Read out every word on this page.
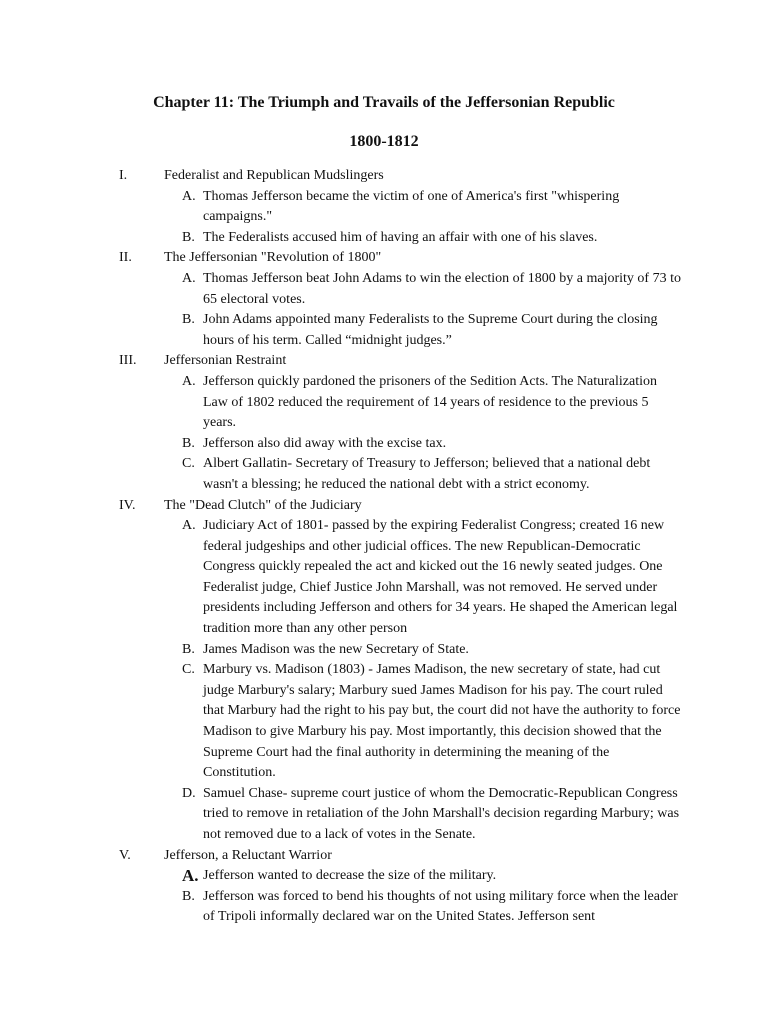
Chapter 11: The Triumph and Travails of the Jeffersonian Republic
1800-1812
I.	Federalist and Republican Mudslingers
A. Thomas Jefferson became the victim of one of America's first "whispering campaigns."
B. The Federalists accused him of having an affair with one of his slaves.
II. The Jeffersonian "Revolution of 1800"
A. Thomas Jefferson beat John Adams to win the election of 1800 by a majority of 73 to 65 electoral votes.
B. John Adams appointed many Federalists to the Supreme Court during the closing hours of his term. Called “midnight judges.”
III. Jeffersonian Restraint
A. Jefferson quickly pardoned the prisoners of the Sedition Acts. The Naturalization Law of 1802 reduced the requirement of 14 years of residence to the previous 5 years.
B. Jefferson also did away with the excise tax.
C. Albert Gallatin- Secretary of Treasury to Jefferson; believed that a national debt wasn't a blessing; he reduced the national debt with a strict economy.
IV. The "Dead Clutch" of the Judiciary
A. Judiciary Act of 1801- passed by the expiring Federalist Congress; created 16 new federal judgeships and other judicial offices. The new Republican-Democratic Congress quickly repealed the act and kicked out the 16 newly seated judges. One Federalist judge, Chief Justice John Marshall, was not removed. He served under presidents including Jefferson and others for 34 years. He shaped the American legal tradition more than any other person
B. James Madison was the new Secretary of State.
C. Marbury vs. Madison (1803) - James Madison, the new secretary of state, had cut judge Marbury's salary; Marbury sued James Madison for his pay. The court ruled that Marbury had the right to his pay but, the court did not have the authority to force Madison to give Marbury his pay. Most importantly, this decision showed that the Supreme Court had the final authority in determining the meaning of the Constitution.
D. Samuel Chase- supreme court justice of whom the Democratic-Republican Congress tried to remove in retaliation of the John Marshall's decision regarding Marbury; was not removed due to a lack of votes in the Senate.
V. Jefferson, a Reluctant Warrior
A. Jefferson wanted to decrease the size of the military.
B. Jefferson was forced to bend his thoughts of not using military force when the leader of Tripoli informally declared war on the United States. Jefferson sent
